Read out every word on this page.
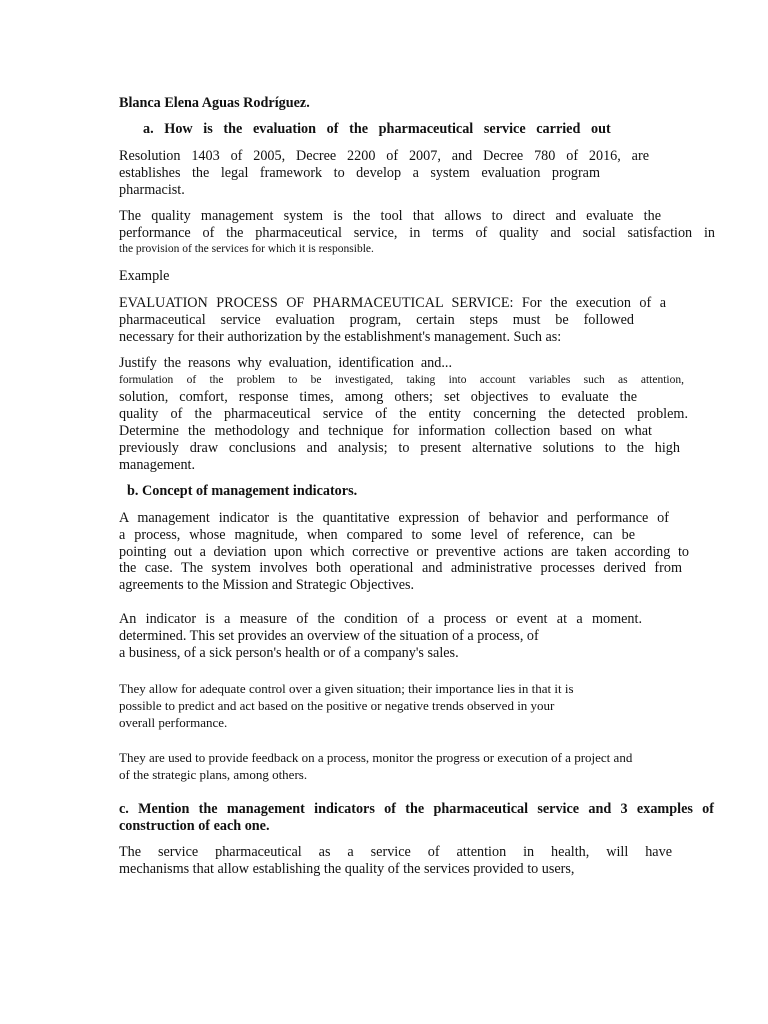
Blanca Elena Aguas Rodríguez.

a.   How   is   the   evaluation   of   the   pharmaceutical   service   carried   out

Resolution 1403 of 2005, Decree 2200 of 2007, and Decree 780 of 2016, are

establishes the legal framework to develop a system evaluation program

pharmacist.

The quality management system is the tool that allows to direct and evaluate the

performance of the pharmaceutical service, in terms of quality and social satisfaction in

the provision of the services for which it is responsible.

Example

EVALUATION PROCESS OF PHARMACEUTICAL SERVICE: For the execution of a

pharmaceutical service evaluation program, certain steps must be followed

necessary for their authorization by the establishment's management. Such as:

Justify the reasons why evaluation, identification and...

formulation of the problem to be investigated, taking into account variables such as attention,

solution, comfort, response times, among others; set objectives to evaluate the

quality of the pharmaceutical service of the entity concerning the detected problem.

Determine the methodology and technique for information collection based on what

previously draw conclusions and analysis; to present alternative solutions to the high

management.

b. Concept of management indicators.

A management indicator is the quantitative expression of behavior and performance of

a process, whose magnitude, when compared to some level of reference, can be

pointing out a deviation upon which corrective or preventive actions are taken according to

the case. The system involves both operational and administrative processes derived from

agreements to the Mission and Strategic Objectives.

An indicator is a measure of the condition of a process or event at a moment.

determined. This set provides an overview of the situation of a process, of

a business, of a sick person's health or of a company's sales.

They allow for adequate control over a given situation; their importance lies in that it is

possible to predict and act based on the positive or negative trends observed in your

overall performance.

They are used to provide feedback on a process, monitor the progress or execution of a project and

of the strategic plans, among others.

c. Mention the management indicators of the pharmaceutical service and 3 examples of

construction of each one.

The service pharmaceutical as a service of attention in health, will have

mechanisms that allow establishing the quality of the services provided to users,
